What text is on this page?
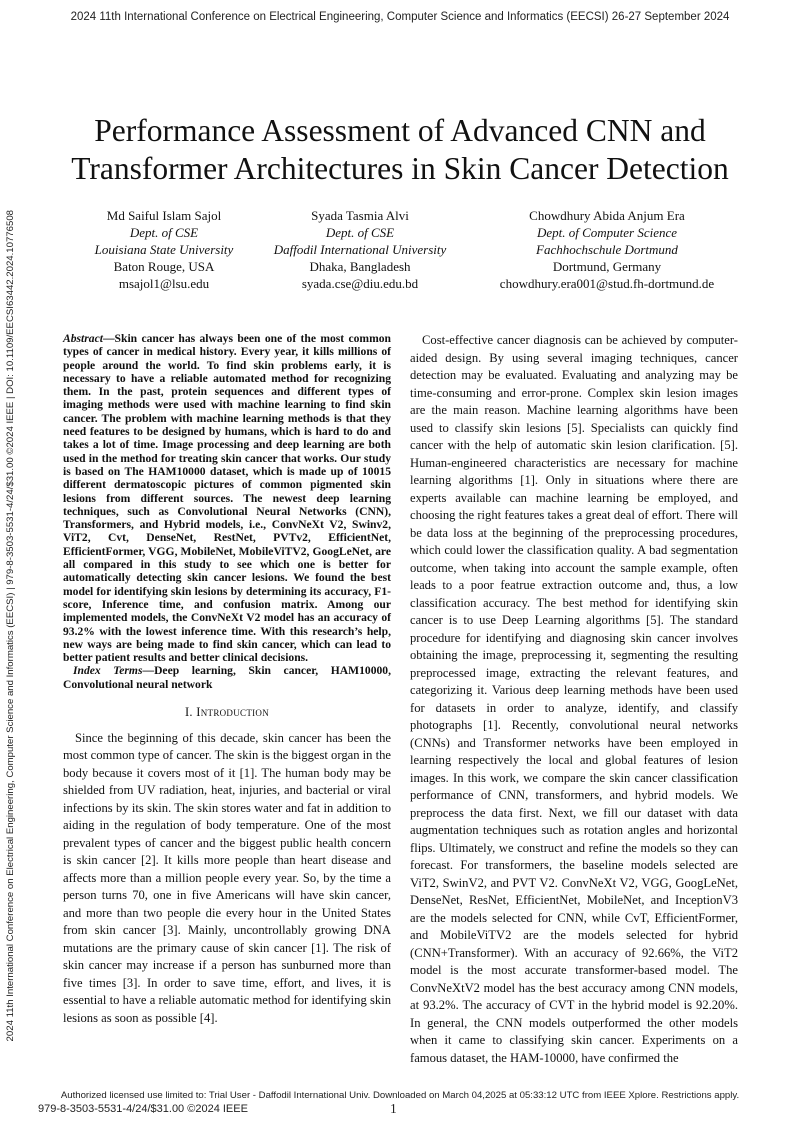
2024 11th International Conference on Electrical Engineering, Computer Science and Informatics (EECSI) 26-27 September 2024
2024 11th International Conference on Electrical Engineering, Computer Science and Informatics (EECSI) | 979-8-3503-5531-4/24/$31.00 ©2024 IEEE | DOI: 10.1109/EECSI63442.2024.10776508
Performance Assessment of Advanced CNN and Transformer Architectures in Skin Cancer Detection
Md Saiful Islam Sajol
Dept. of CSE
Louisiana State University
Baton Rouge, USA
msajol1@lsu.edu
Syada Tasmia Alvi
Dept. of CSE
Daffodil International University
Dhaka, Bangladesh
syada.cse@diu.edu.bd
Chowdhury Abida Anjum Era
Dept. of Computer Science
Fachhochschule Dortmund
Dortmund, Germany
chowdhury.era001@stud.fh-dortmund.de

Abstract—Skin cancer has always been one of the most common types of cancer in medical history. Every year, it kills millions of people around the world. To find skin problems early, it is necessary to have a reliable automated method for recognizing them. In the past, protein sequences and different types of imaging methods were used with machine learning to find skin cancer. The problem with machine learning methods is that they need features to be designed by humans, which is hard to do and takes a lot of time. Image processing and deep learning are both used in the method for treating skin cancer that works. Our study is based on The HAM10000 dataset, which is made up of 10015 different dermatoscopic pictures of common pigmented skin lesions from different sources. The newest deep learning techniques, such as Convolutional Neural Networks (CNN), Transformers, and Hybrid models, i.e., ConvNeXt V2, Swinv2, ViT2, Cvt, DenseNet, RestNet, PVTv2, EfficientNet, EfficientFormer, VGG, MobileNet, MobileViTV2, GoogLeNet, are all compared in this study to see which one is better for automatically detecting skin cancer lesions. We found the best model for identifying skin lesions by determining its accuracy, F1-score, Inference time, and confusion matrix. Among our implemented models, the ConvNeXt V2 model has an accuracy of 93.2% with the lowest inference time. With this research’s help, new ways are being made to find skin cancer, which can lead to better patient results and better clinical decisions.

Index Terms—Deep learning, Skin cancer, HAM10000, Convolutional neural network

I. Introduction

Since the beginning of this decade, skin cancer has been the most common type of cancer. The skin is the biggest organ in the body because it covers most of it [1]. The human body may be shielded from UV radiation, heat, injuries, and bacterial or viral infections by its skin. The skin stores water and fat in addition to aiding in the regulation of body temperature. One of the most prevalent types of cancer and the biggest public health concern is skin cancer [2]. It kills more people than heart disease and affects more than a million people every year. So, by the time a person turns 70, one in five Americans will have skin cancer, and more than two people die every hour in the United States from skin cancer [3]. Mainly, uncontrollably growing DNA mutations are the primary cause of skin cancer [1]. The risk of skin cancer may increase if a person has sunburned more than five times [3]. In order to save time, effort, and lives, it is essential to have a reliable automatic method for identifying skin lesions as soon as possible [4].

Cost-effective cancer diagnosis can be achieved by computer-aided design. By using several imaging techniques, cancer detection may be evaluated. Evaluating and analyzing may be time-consuming and error-prone. Complex skin lesion images are the main reason. Machine learning algorithms have been used to classify skin lesions [5]. Specialists can quickly find cancer with the help of automatic skin lesion clarification. [5]. Human-engineered characteristics are necessary for machine learning algorithms [1]. Only in situations where there are experts available can machine learning be employed, and choosing the right features takes a great deal of effort. There will be data loss at the beginning of the preprocessing procedures, which could lower the classification quality. A bad segmentation outcome, when taking into account the sample example, often leads to a poor featrue extraction outcome and, thus, a low classification accuracy. The best method for identifying skin cancer is to use Deep Learning algorithms [5]. The standard procedure for identifying and diagnosing skin cancer involves obtaining the image, preprocessing it, segmenting the resulting preprocessed image, extracting the relevant features, and categorizing it. Various deep learning methods have been used for datasets in order to analyze, identify, and classify photographs [1]. Recently, convolutional neural networks (CNNs) and Transformer networks have been employed in learning respectively the local and global features of lesion images. In this work, we compare the skin cancer classification performance of CNN, transformers, and hybrid models. We preprocess the data first. Next, we fill our dataset with data augmentation techniques such as rotation angles and horizontal flips. Ultimately, we construct and refine the models so they can forecast. For transformers, the baseline models selected are ViT2, SwinV2, and PVT V2. ConvNeXt V2, VGG, GoogLeNet, DenseNet, ResNet, EfficientNet, MobileNet, and InceptionV3 are the models selected for CNN, while CvT, EfficientFormer, and MobileViTV2 are the models selected for hybrid (CNN+Transformer). With an accuracy of 92.66%, the ViT2 model is the most accurate transformer-based model. The ConvNeXtV2 model has the best accuracy among CNN models, at 93.2%. The accuracy of CVT in the hybrid model is 92.20%. In general, the CNN models outperformed the other models when it came to classifying skin cancer. Experiments on a famous dataset, the HAM-10000, have confirmed the

Authorized licensed use limited to: Trial User - Daffodil International Univ. Downloaded on March 04,2025 at 05:33:12 UTC from IEEE Xplore. Restrictions apply.
979-8-3503-5531-4/24/$31.00 ©2024 IEEE	1
